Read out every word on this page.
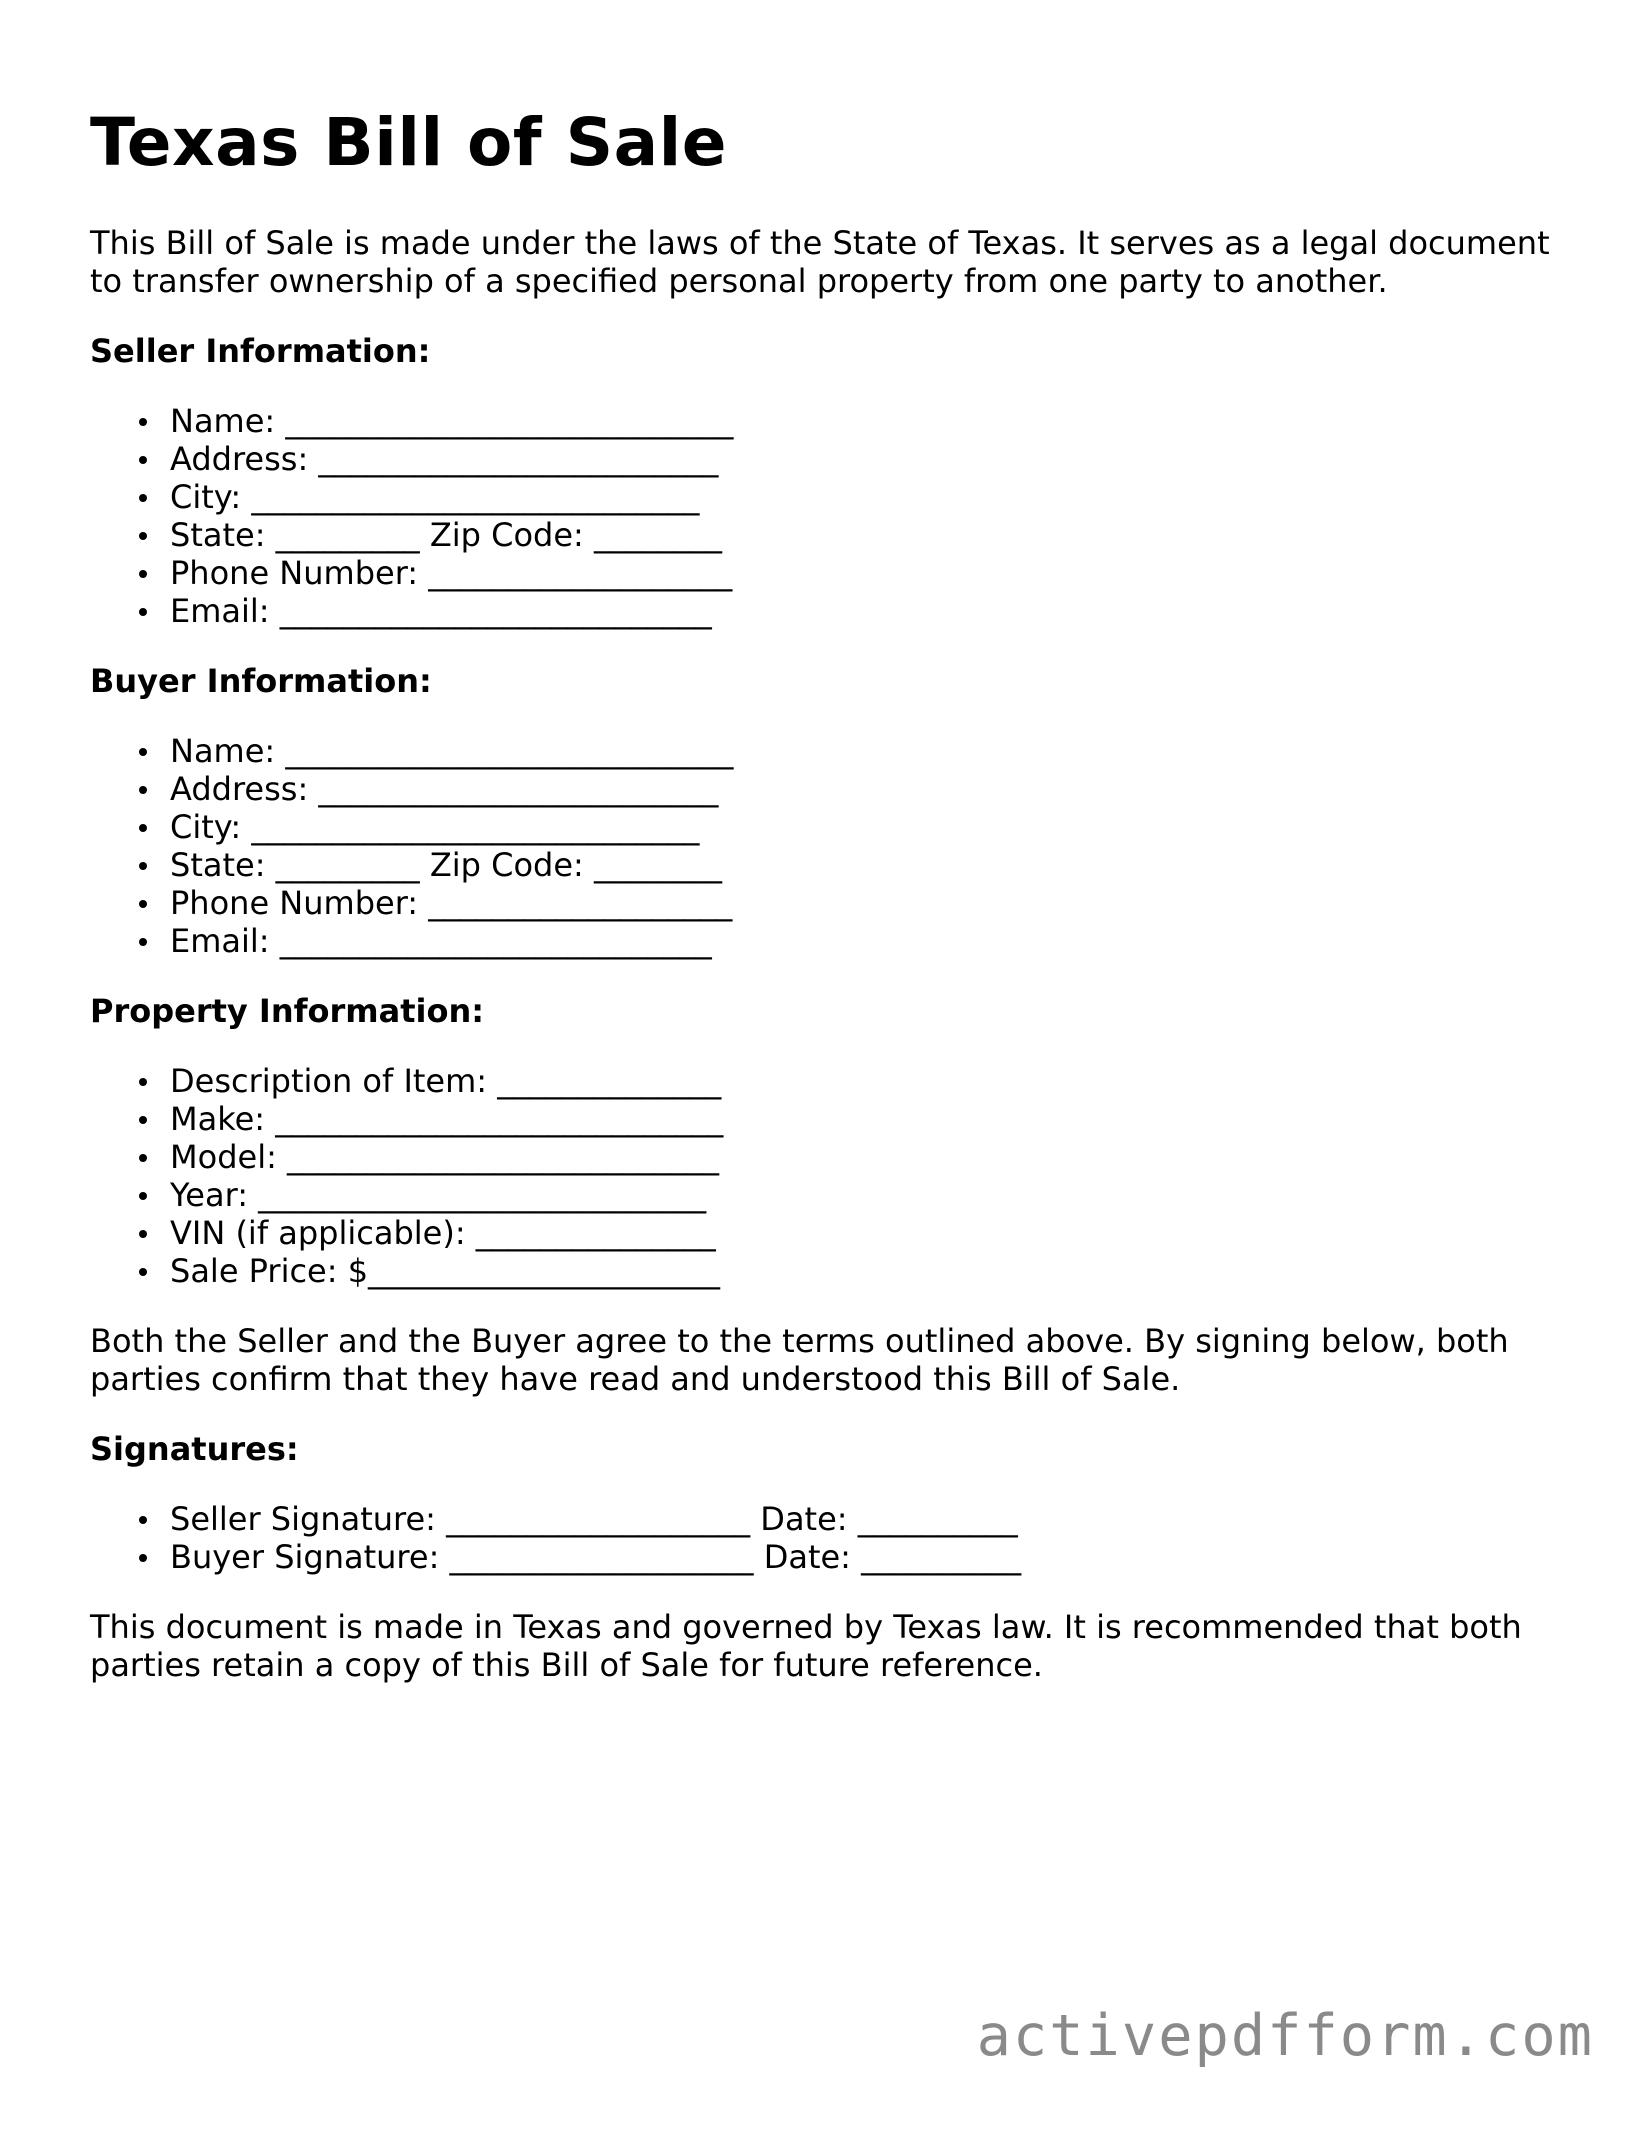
Texas Bill of Sale

This Bill of Sale is made under the laws of the State of Texas. It serves as a legal document to transfer ownership of a specified personal property from one party to another.

Seller Information:
Name: ____________________________
Address: _________________________
City: ____________________________
State: _________ Zip Code: ________
Phone Number: ___________________
Email: ___________________________
Buyer Information:
Name: ____________________________
Address: _________________________
City: ____________________________
State: _________ Zip Code: ________
Phone Number: ___________________
Email: ___________________________
Property Information:
Description of Item: ______________
Make: ____________________________
Model: ___________________________
Year: ____________________________
VIN (if applicable): _______________
Sale Price: $______________________

Both the Seller and the Buyer agree to the terms outlined above. By signing below, both parties confirm that they have read and understood this Bill of Sale.

Signatures:
Seller Signature: ___________________ Date: __________
Buyer Signature: ___________________ Date: __________

This document is made in Texas and governed by Texas law. It is recommended that both parties retain a copy of this Bill of Sale for future reference.

activepdfform.com
